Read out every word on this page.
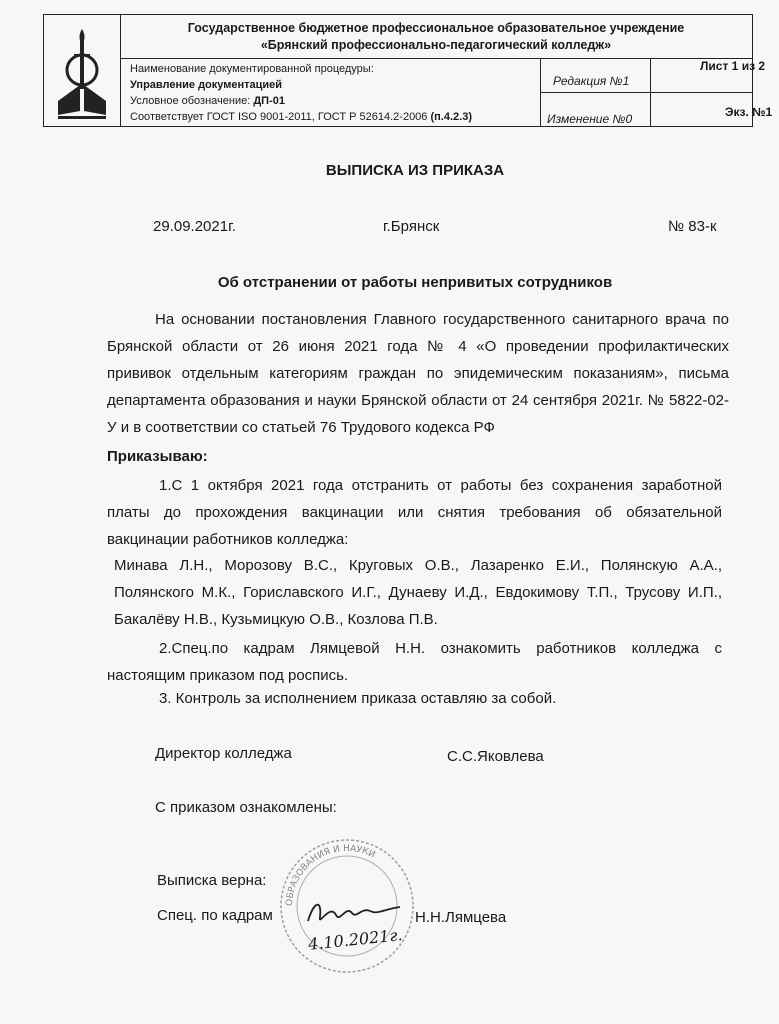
Государственное бюджетное профессиональное образовательное учреждение
«Брянский профессионально-педагогический колледж»
Наименование документированной процедуры:
Управление документацией
Условное обозначение: ДП-01
Соответствует ГОСТ ISO 9001-2011, ГОСТ Р 52614.2-2006 (п.4.2.3)
Редакция №1
Изменение №0
Лист 1 из 2
Экз. №1
ВЫПИСКА ИЗ ПРИКАЗА
29.09.2021г.	г.Брянск	№ 83-к
Об отстранении от работы непривитых сотрудников
На основании постановления Главного государственного санитарного врача по Брянской области от 26 июня 2021 года № 4 «О проведении профилактических прививок отдельным категориям граждан по эпидемическим показаниям», письма департамента образования и науки Брянской области от 24 сентября 2021г. № 5822-02-У и в соответствии со статьей 76 Трудового кодекса РФ
Приказываю:
1.С 1 октября 2021 года отстранить от работы без сохранения заработной платы до прохождения вакцинации или снятия требования об обязательной вакцинации работников колледжа:
Минава Л.Н., Морозову В.С., Круговых О.В., Лазаренко Е.И., Полянскую А.А., Полянского М.К., Гориславского И.Г., Дунаеву И.Д., Евдокимову Т.П., Трусову И.П., Бакалёву Н.В., Кузьмицкую О.В., Козлова П.В.
2.Спец.по кадрам Лямцевой Н.Н. ознакомить работников колледжа с настоящим приказом под роспись.
3. Контроль за исполнением приказа оставляю за собой.
Директор колледжа	С.С.Яковлева
С приказом ознакомлены:
ОБРАЗОВАНИЯ И НАУКИ
Выписка верна:
Спец. по кадрам
4.10.2021г.
Н.Н.Лямцева
